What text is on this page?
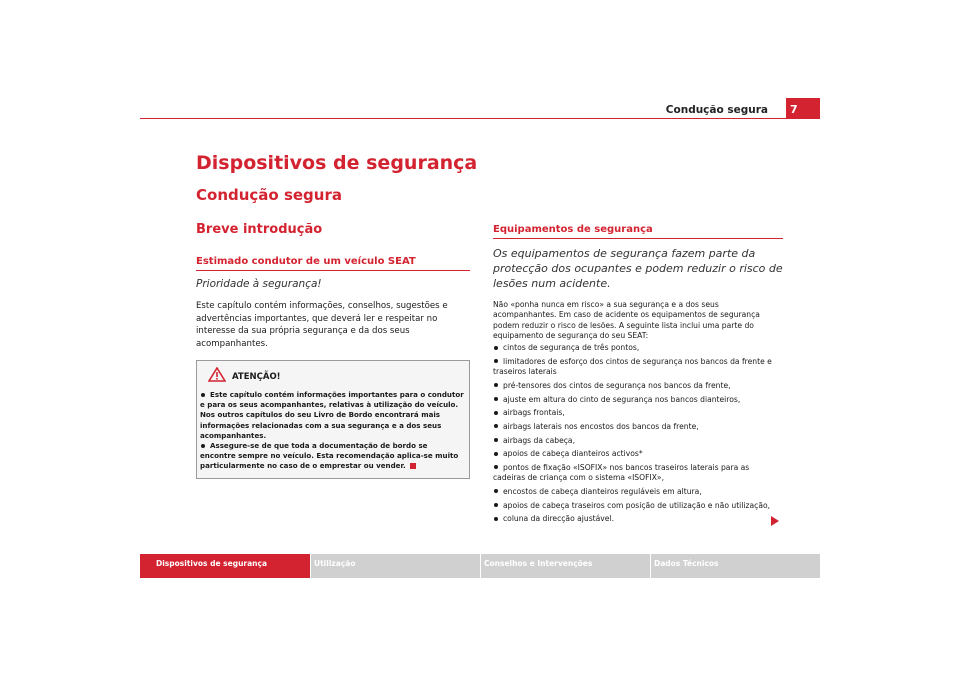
Condução segura	7
Dispositivos de segurança
Condução segura
Breve introdução

Estimado condutor de um veículo SEAT

Prioridade à segurança!

Este capítulo contém informações, conselhos, sugestões e advertências importantes, que deverá ler e respeitar no interesse da sua própria segurança e da dos seus acompanhantes.

ATENÇÃO!

Este capítulo contém informações importantes para o condutor e para os seus acompanhantes, relativas à utilização do veículo. Nos outros capítulos do seu Livro de Bordo encontrará mais informações relacionadas com a sua segurança e a dos seus acompanhantes.

Assegure-se de que toda a documentação de bordo se encontre sempre no veículo. Esta recomendação aplica-se muito particularmente no caso de o emprestar ou vender.

Equipamentos de segurança

Os equipamentos de segurança fazem parte da protecção dos ocupantes e podem reduzir o risco de lesões num acidente.

Não «ponha nunca em risco» a sua segurança e a dos seus acompanhantes. Em caso de acidente os equipamentos de segurança podem reduzir o risco de lesões. A seguinte lista inclui uma parte do equipamento de segurança do seu SEAT:

cintos de segurança de três pontos,
limitadores de esforço dos cintos de segurança nos bancos da frente e traseiros laterais
pré-tensores dos cintos de segurança nos bancos da frente,
ajuste em altura do cinto de segurança nos bancos dianteiros,
airbags frontais,
airbags laterais nos encostos dos bancos da frente,
airbags da cabeça,
apoios de cabeça dianteiros activos*
pontos de fixação «ISOFIX» nos bancos traseiros laterais para as cadeiras de criança com o sistema «ISOFIX»,
encostos de cabeça dianteiros reguláveis em altura,
apoios de cabeça traseiros com posição de utilização e não utilização,
coluna da direcção ajustável.
Dispositivos de segurança	Utilização	Conselhos e Intervenções	Dados Técnicos
